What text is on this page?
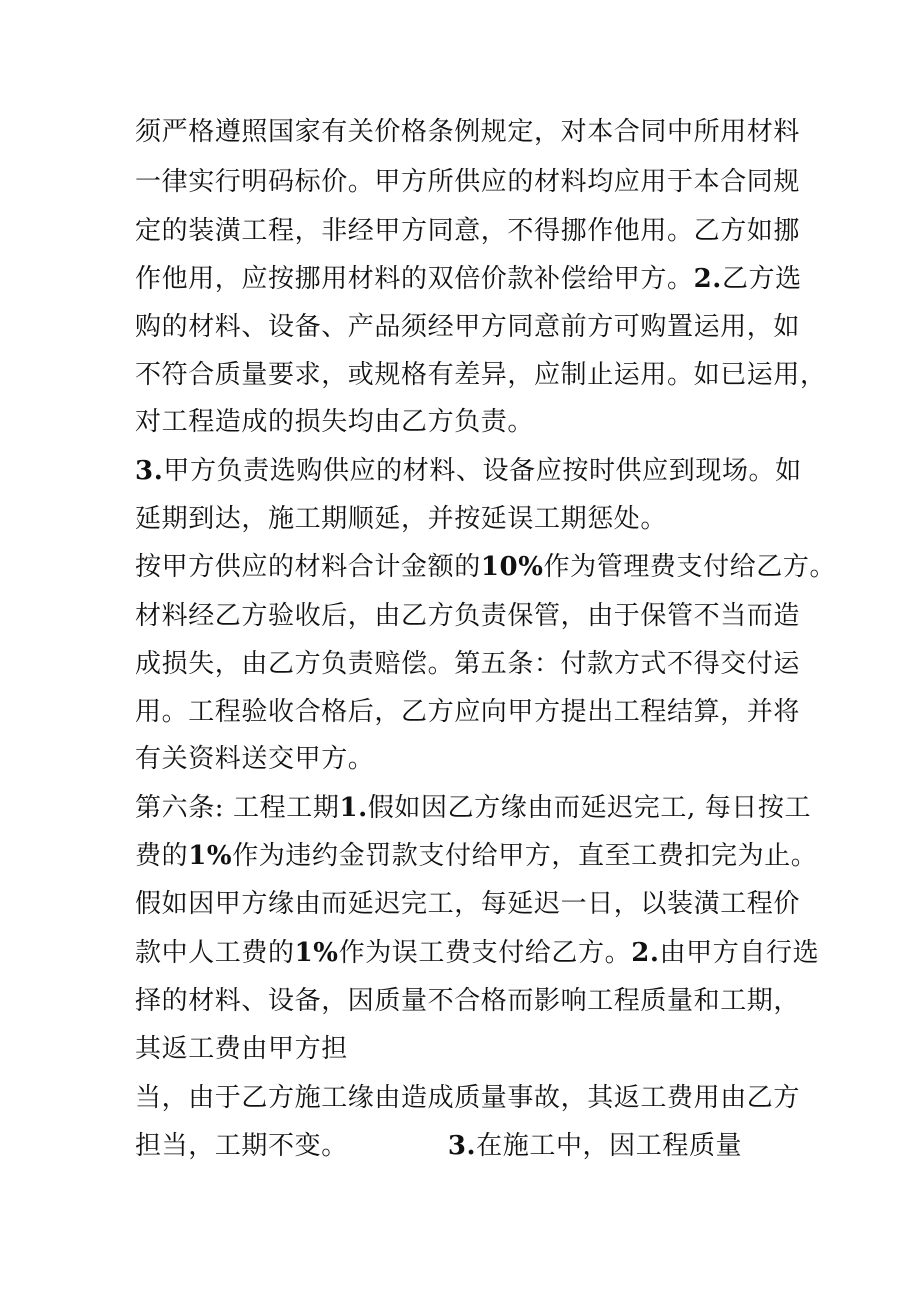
须严格遵照国家有关价格条例规定，对本合同中所用材料

一律实行明码标价。甲方所供应的材料均应用于本合同规

定的装潢工程，非经甲方同意，不得挪作他用。乙方如挪

作他用，应按挪用材料的双倍价款补偿给甲方。2.乙方选

购的材料、设备、产品须经甲方同意前方可购置运用，如

不符合质量要求，或规格有差异，应制止运用。如已运用，

对工程造成的损失均由乙方负责。

3.甲方负责选购供应的材料、设备应按时供应到现场。如

延期到达，施工期顺延，并按延误工期惩处。

按甲方供应的材料合计金额的10%作为管理费支付给乙方。

材料经乙方验收后，由乙方负责保管，由于保管不当而造

成损失，由乙方负责赔偿。第五条：付款方式不得交付运

用。工程验收合格后，乙方应向甲方提出工程结算，并将

有关资料送交甲方。

第六条: 工程工期1.假如因乙方缘由而延迟完工, 每日按工

费的1%作为违约金罚款支付给甲方，直至工费扣完为止。

假如因甲方缘由而延迟完工，每延迟一日，以装潢工程价

款中人工费的1%作为误工费支付给乙方。2.由甲方自行选

择的材料、设备，因质量不合格而影响工程质量和工期，

其返工费由甲方担

当，由于乙方施工缘由造成质量事故，其返工费用由乙方

担当，工期不变。	3.在施工中，因工程质量
